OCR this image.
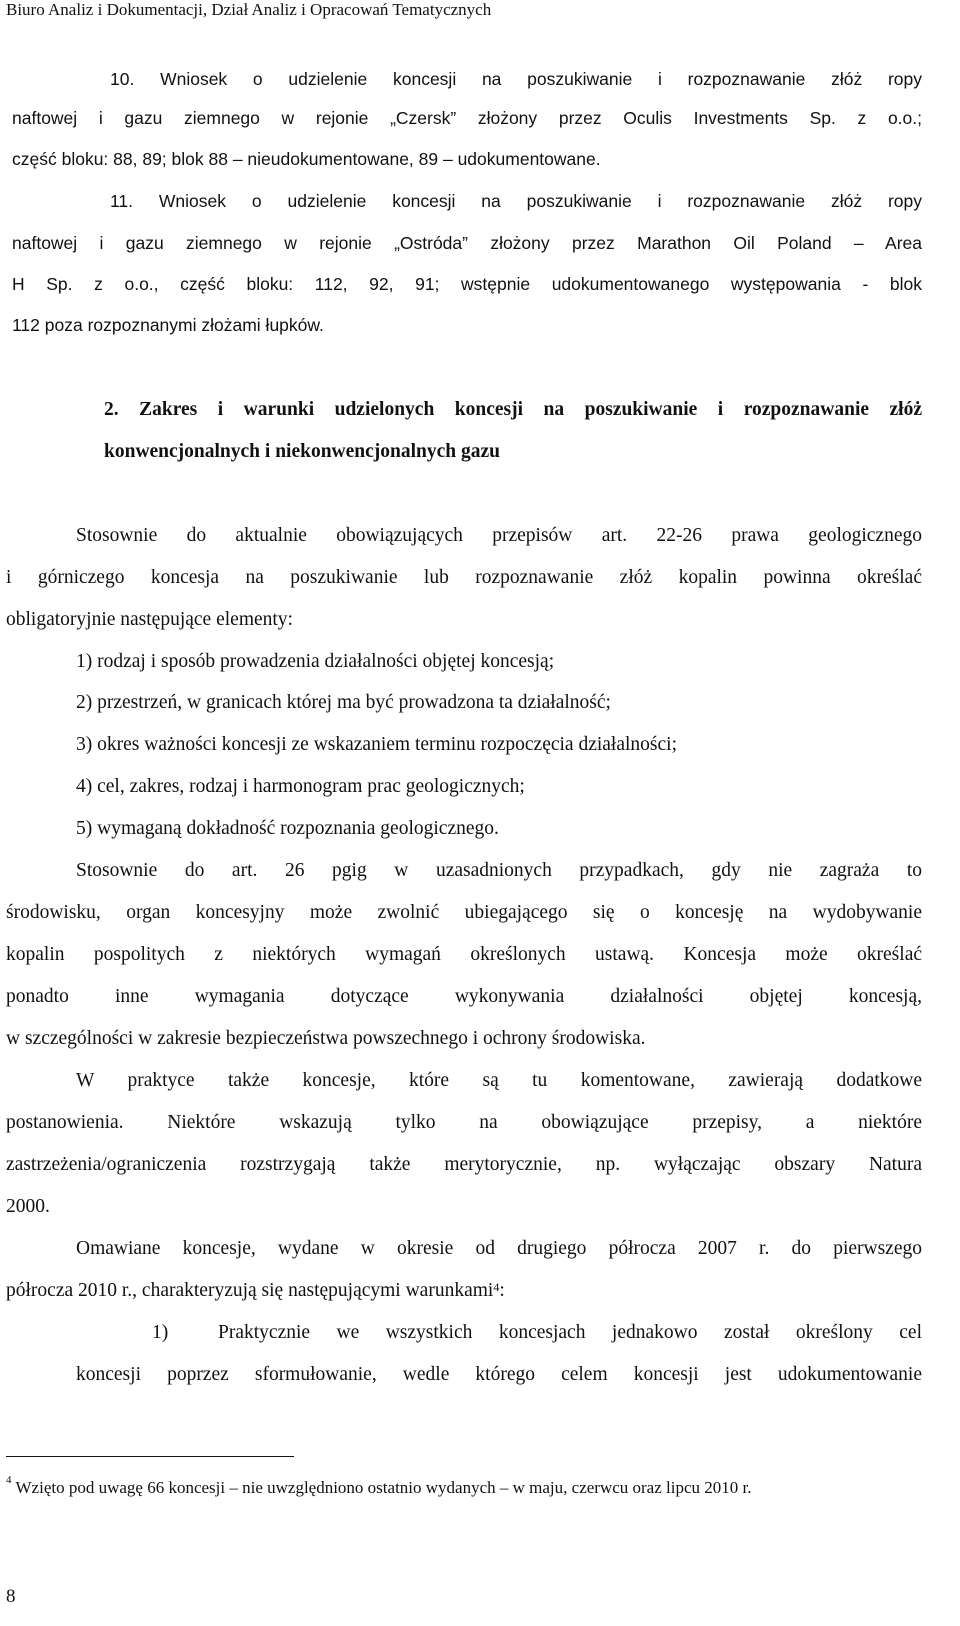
Biuro Analiz i Dokumentacji, Dział Analiz i Opracowań Tematycznych
10. Wniosek o udzielenie koncesji na poszukiwanie i rozpoznawanie złóż ropy
naftowej i gazu ziemnego w rejonie „Czersk” złożony przez Oculis Investments Sp. z o.o.;
część bloku: 88, 89; blok 88 – nieudokumentowane, 89 – udokumentowane.
11. Wniosek o udzielenie koncesji na poszukiwanie i rozpoznawanie złóż ropy
naftowej i gazu ziemnego w rejonie „Ostróda” złożony przez Marathon Oil Poland – Area
H Sp. z o.o., część bloku: 112, 92, 91; wstępnie udokumentowanego występowania - blok
112 poza rozpoznanymi złożami łupków.
2. Zakres i warunki udzielonych koncesji na poszukiwanie i rozpoznawanie złóż
konwencjonalnych i niekonwencjonalnych gazu
Stosownie do aktualnie obowiązujących przepisów art. 22-26 prawa geologicznego
i górniczego koncesja na poszukiwanie lub rozpoznawanie złóż kopalin powinna określać
obligatoryjnie następujące elementy:
1) rodzaj i sposób prowadzenia działalności objętej koncesją;
2) przestrzeń, w granicach której ma być prowadzona ta działalność;
3) okres ważności koncesji ze wskazaniem terminu rozpoczęcia działalności;
4) cel, zakres, rodzaj i harmonogram prac geologicznych;
5) wymaganą dokładność rozpoznania geologicznego.
Stosownie do art. 26 pgig w uzasadnionych przypadkach, gdy nie zagraża to
środowisku, organ koncesyjny może zwolnić ubiegającego się o koncesję na wydobywanie
kopalin pospolitych z niektórych wymagań określonych ustawą. Koncesja może określać
ponadto inne wymagania dotyczące wykonywania działalności objętej koncesją,
w szczególności w zakresie bezpieczeństwa powszechnego i ochrony środowiska.
W praktyce także koncesje, które są tu komentowane, zawierają dodatkowe
postanowienia. Niektóre wskazują tylko na obowiązujące przepisy, a niektóre
zastrzeżenia/ograniczenia rozstrzygają także merytorycznie, np. wyłączając obszary Natura
2000.
Omawiane koncesje, wydane w okresie od drugiego półrocza 2007 r. do pierwszego
półrocza 2010 r., charakteryzują się następującymi warunkami$^4$:
1)	Praktycznie we wszystkich koncesjach jednakowo został określony cel
koncesji poprzez sformułowanie, wedle którego celem koncesji jest udokumentowanie
$^4$ Wzięto pod uwagę 66 koncesji – nie uwzględniono ostatnio wydanych – w maju, czerwcu oraz lipcu 2010 r.
8
